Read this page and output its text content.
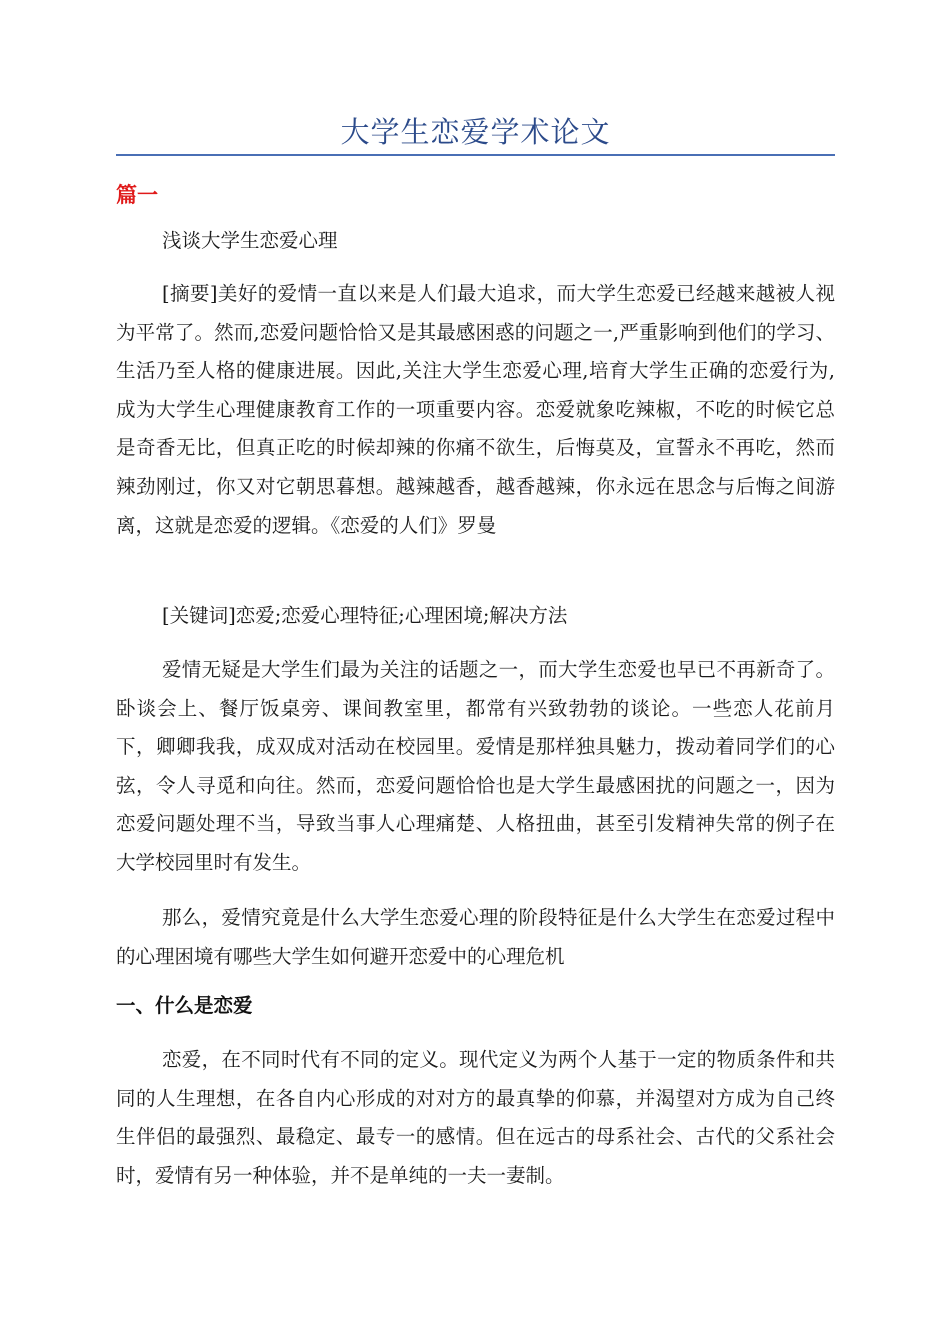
大学生恋爱学术论文
篇一
浅谈大学生恋爱心理

[摘要]美好的爱情一直以来是人们最大追求，而大学生恋爱已经越来越被人视为平常了。然而,恋爱问题恰恰又是其最感困惑的问题之一,严重影响到他们的学习、生活乃至人格的健康进展。因此,关注大学生恋爱心理,培育大学生正确的恋爱行为,成为大学生心理健康教育工作的一项重要内容。恋爱就象吃辣椒，不吃的时候它总是奇香无比，但真正吃的时候却辣的你痛不欲生，后悔莫及，宣誓永不再吃，然而辣劲刚过，你又对它朝思暮想。越辣越香，越香越辣，你永远在思念与后悔之间游离，这就是恋爱的逻辑。《恋爱的人们》罗曼

[关键词]恋爱;恋爱心理特征;心理困境;解决方法

爱情无疑是大学生们最为关注的话题之一，而大学生恋爱也早已不再新奇了。卧谈会上、餐厅饭桌旁、课间教室里，都常有兴致勃勃的谈论。一些恋人花前月下，卿卿我我，成双成对活动在校园里。爱情是那样独具魅力，拨动着同学们的心弦，令人寻觅和向往。然而，恋爱问题恰恰也是大学生最感困扰的问题之一，因为恋爱问题处理不当，导致当事人心理痛楚、人格扭曲，甚至引发精神失常的例子在大学校园里时有发生。

那么，爱情究竟是什么大学生恋爱心理的阶段特征是什么大学生在恋爱过程中的心理困境有哪些大学生如何避开恋爱中的心理危机

一、什么是恋爱

恋爱，在不同时代有不同的定义。现代定义为两个人基于一定的物质条件和共同的人生理想，在各自内心形成的对对方的最真挚的仰慕，并渴望对方成为自己终生伴侣的最强烈、最稳定、最专一的感情。但在远古的母系社会、古代的父系社会时，爱情有另一种体验，并不是单纯的一夫一妻制。
